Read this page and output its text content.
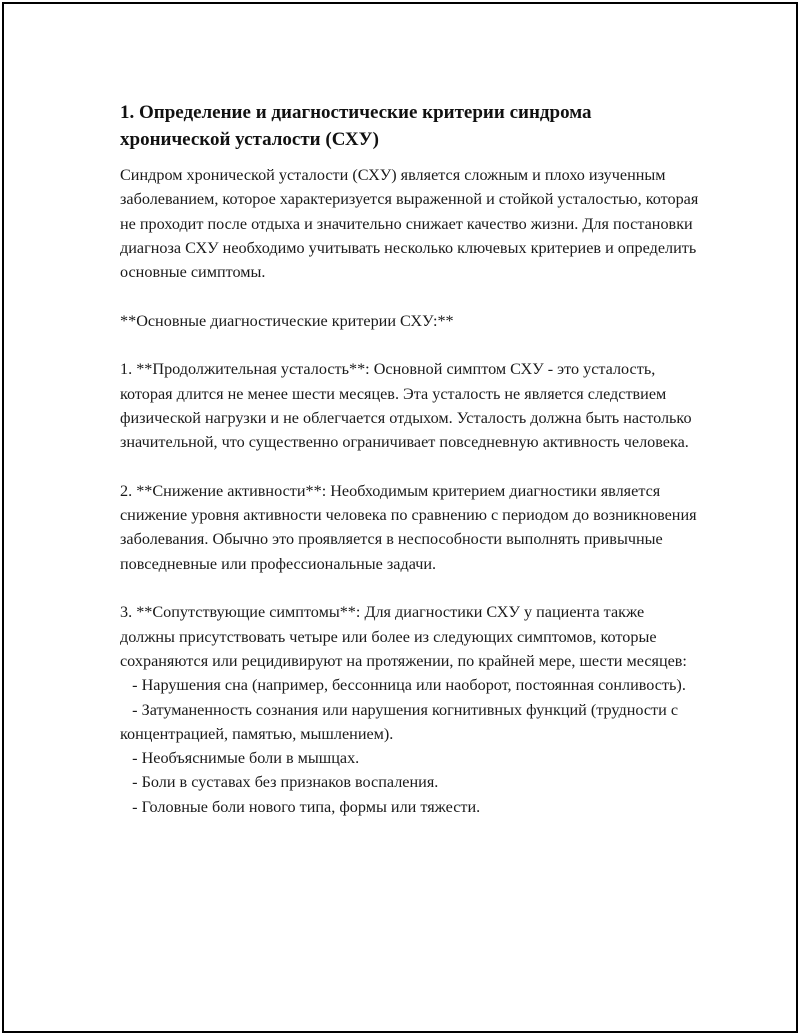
1. Определение и диагностические критерии синдрома хронической усталости (СХУ)

Синдром хронической усталости (СХУ) является сложным и плохо изученным заболеванием, которое характеризуется выраженной и стойкой усталостью, которая не проходит после отдыха и значительно снижает качество жизни. Для постановки диагноза СХУ необходимо учитывать несколько ключевых критериев и определить основные симптомы.

**Основные диагностические критерии СХУ:**

1. **Продолжительная усталость**: Основной симптом СХУ - это усталость, которая длится не менее шести месяцев. Эта усталость не является следствием физической нагрузки и не облегчается отдыхом. Усталость должна быть настолько значительной, что существенно ограничивает повседневную активность человека.

2. **Снижение активности**: Необходимым критерием диагностики является снижение уровня активности человека по сравнению с периодом до возникновения заболевания. Обычно это проявляется в неспособности выполнять привычные повседневные или профессиональные задачи.

3. **Сопутствующие симптомы**: Для диагностики СХУ у пациента также должны присутствовать четыре или более из следующих симптомов, которые сохраняются или рецидивируют на протяжении, по крайней мере, шести месяцев:

- Нарушения сна (например, бессонница или наоборот, постоянная сонливость).

- Затуманенность сознания или нарушения когнитивных функций (трудности с концентрацией, памятью, мышлением).

- Необъяснимые боли в мышцах.

- Боли в суставах без признаков воспаления.

- Головные боли нового типа, формы или тяжести.
